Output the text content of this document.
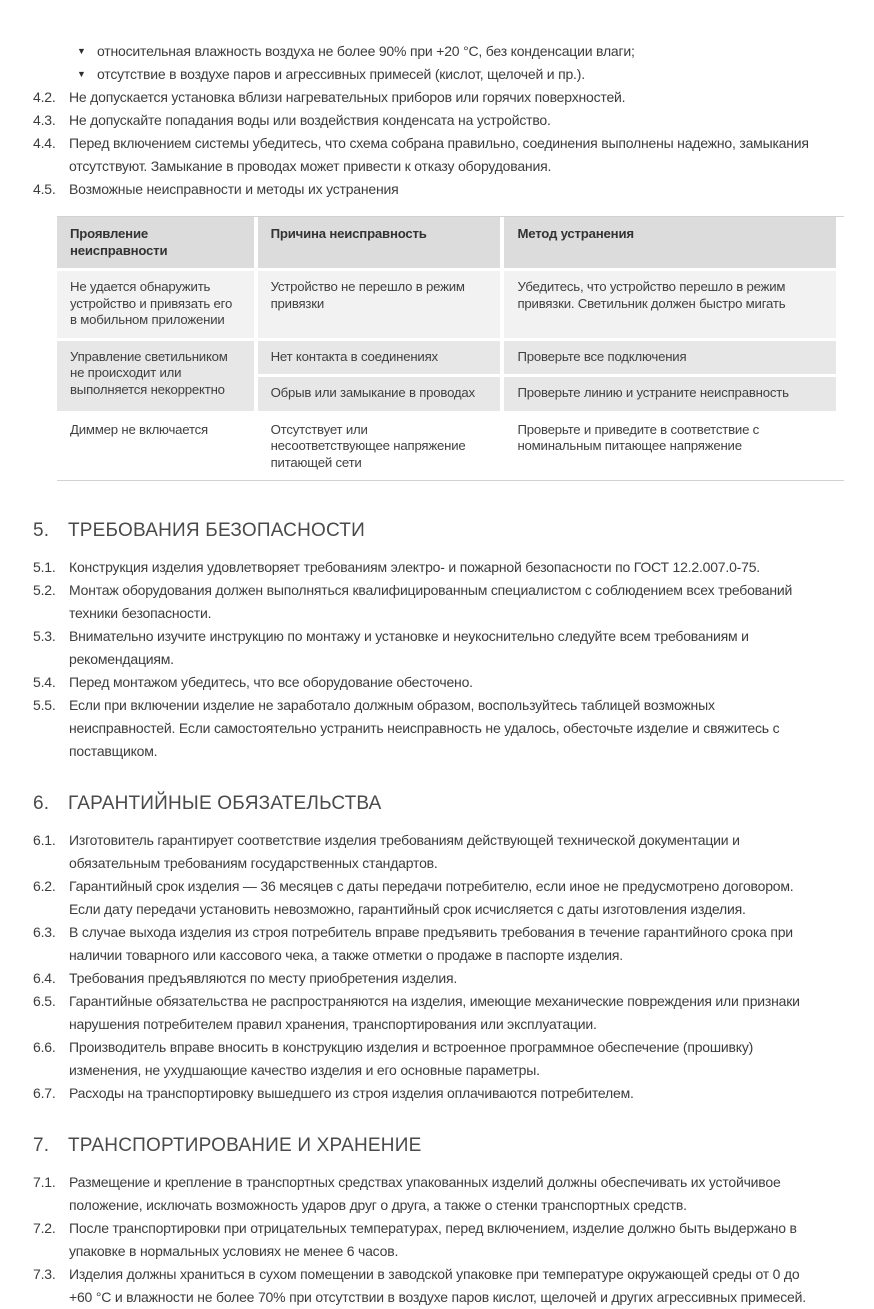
▼ относительная влажность воздуха не более 90% при +20 °C, без конденсации влаги;
▼ отсутствие в воздухе паров и агрессивных примесей (кислот, щелочей и пр.).
4.2. Не допускается установка вблизи нагревательных приборов или горячих поверхностей.
4.3. Не допускайте попадания воды или воздействия конденсата на устройство.
4.4. Перед включением системы убедитесь, что схема собрана правильно, соединения выполнены надежно, замыкания отсутствуют. Замыкание в проводах может привести к отказу оборудования.
4.5. Возможные неисправности и методы их устранения
Проявление неисправности	Причина неисправность	Метод устранения
Не удается обнаружить устройство и привязать его в мобильном приложении	Устройство не перешло в режим привязки	Убедитесь, что устройство перешло в режим привязки. Светильник должен быстро мигать
Управление светильником не происходит или выполняется некорректно	Нет контакта в соединениях	Проверьте все подключения
	Обрыв или замыкание в проводах	Проверьте линию и устраните неисправность
Диммер не включается	Отсутствует или несоответствующее напряжение питающей сети	Проверьте и приведите в соответствие с номинальным питающее напряжение
5. ТРЕБОВАНИЯ БЕЗОПАСНОСТИ
5.1. Конструкция изделия удовлетворяет требованиям электро- и пожарной безопасности по ГОСТ 12.2.007.0-75.
5.2. Монтаж оборудования должен выполняться квалифицированным специалистом с соблюдением всех требований техники безопасности.
5.3. Внимательно изучите инструкцию по монтажу и установке и неукоснительно следуйте всем требованиям и рекомендациям.
5.4. Перед монтажом убедитесь, что все оборудование обесточено.
5.5. Если при включении изделие не заработало должным образом, воспользуйтесь таблицей возможных неисправностей. Если самостоятельно устранить неисправность не удалось, обесточьте изделие и свяжитесь с поставщиком.
6. ГАРАНТИЙНЫЕ ОБЯЗАТЕЛЬСТВА
6.1. Изготовитель гарантирует соответствие изделия требованиям действующей технической документации и обязательным требованиям государственных стандартов.
6.2. Гарантийный срок изделия — 36 месяцев с даты передачи потребителю, если иное не предусмотрено договором. Если дату передачи установить невозможно, гарантийный срок исчисляется с даты изготовления изделия.
6.3. В случае выхода изделия из строя потребитель вправе предъявить требования в течение гарантийного срока при наличии товарного или кассового чека, а также отметки о продаже в паспорте изделия.
6.4. Требования предъявляются по месту приобретения изделия.
6.5. Гарантийные обязательства не распространяются на изделия, имеющие механические повреждения или признаки нарушения потребителем правил хранения, транспортирования или эксплуатации.
6.6. Производитель вправе вносить в конструкцию изделия и встроенное программное обеспечение (прошивку) изменения, не ухудшающие качество изделия и его основные параметры.
6.7. Расходы на транспортировку вышедшего из строя изделия оплачиваются потребителем.
7. ТРАНСПОРТИРОВАНИЕ И ХРАНЕНИЕ
7.1. Размещение и крепление в транспортных средствах упакованных изделий должны обеспечивать их устойчивое положение, исключать возможность ударов друг о друга, а также о стенки транспортных средств.
7.2. После транспортировки при отрицательных температурах, перед включением, изделие должно быть выдержано в упаковке в нормальных условиях не менее 6 часов.
7.3. Изделия должны храниться в сухом помещении в заводской упаковке при температуре окружающей среды от 0 до +60 °C и влажности не более 70% при отсутствии в воздухе паров кислот, щелочей и других агрессивных примесей.
